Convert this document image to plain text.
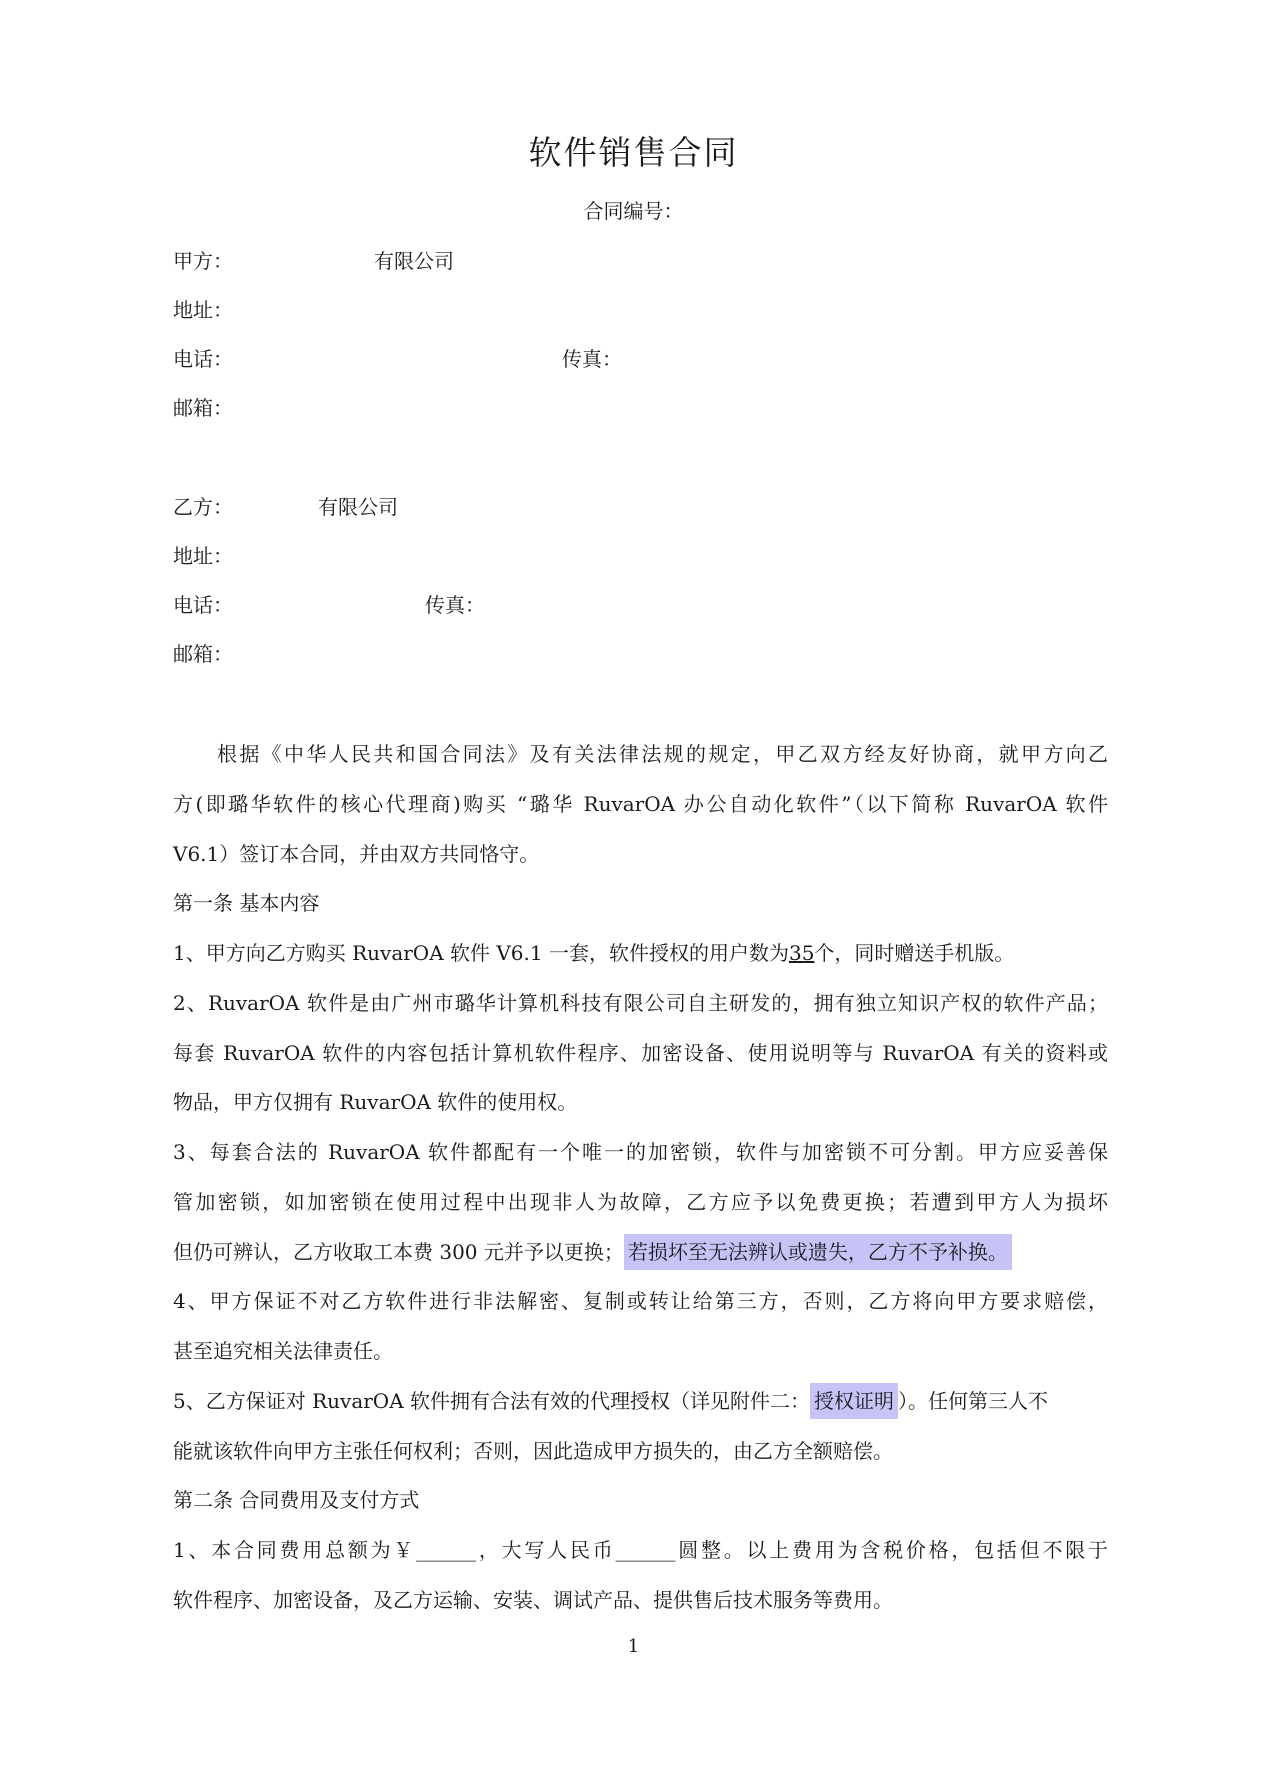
软件销售合同
合同编号：
甲方：	有限公司
地址：
电话：	传真：
邮箱：
乙方：	有限公司
地址：
电话：	传真：
邮箱：
根据《中华人民共和国合同法》及有关法律法规的规定，甲乙双方经友好协商，就甲方向乙
方(即璐华软件的核心代理商)购买 “璐华 RuvarOA 办公自动化软件”（以下简称 RuvarOA 软件
V6.1）签订本合同，并由双方共同恪守。
第一条 基本内容
1、甲方向乙方购买 RuvarOA 软件 V6.1 一套，软件授权的用户数为35个，同时赠送手机版。
2、RuvarOA 软件是由广州市璐华计算机科技有限公司自主研发的，拥有独立知识产权的软件产品；
每套 RuvarOA 软件的内容包括计算机软件程序、加密设备、使用说明等与 RuvarOA 有关的资料或
物品，甲方仅拥有 RuvarOA 软件的使用权。
3、每套合法的 RuvarOA 软件都配有一个唯一的加密锁，软件与加密锁不可分割。甲方应妥善保
管加密锁，如加密锁在使用过程中出现非人为故障，乙方应予以免费更换；若遭到甲方人为损坏
但仍可辨认，乙方收取工本费 300 元并予以更换； 若损坏至无法辨认或遗失，乙方不予补换。
4、甲方保证不对乙方软件进行非法解密、复制或转让给第三方，否则，乙方将向甲方要求赔偿，
甚至追究相关法律责任。
5、乙方保证对 RuvarOA 软件拥有合法有效的代理授权（详见附件二： 授权证明 ）。任何第三人不
能就该软件向甲方主张任何权利；否则，因此造成甲方损失的，由乙方全额赔偿。
第二条 合同费用及支付方式
1、本合同费用总额为￥______，大写人民币______圆整。以上费用为含税价格，包括但不限于
软件程序、加密设备，及乙方运输、安装、调试产品、提供售后技术服务等费用。
1
